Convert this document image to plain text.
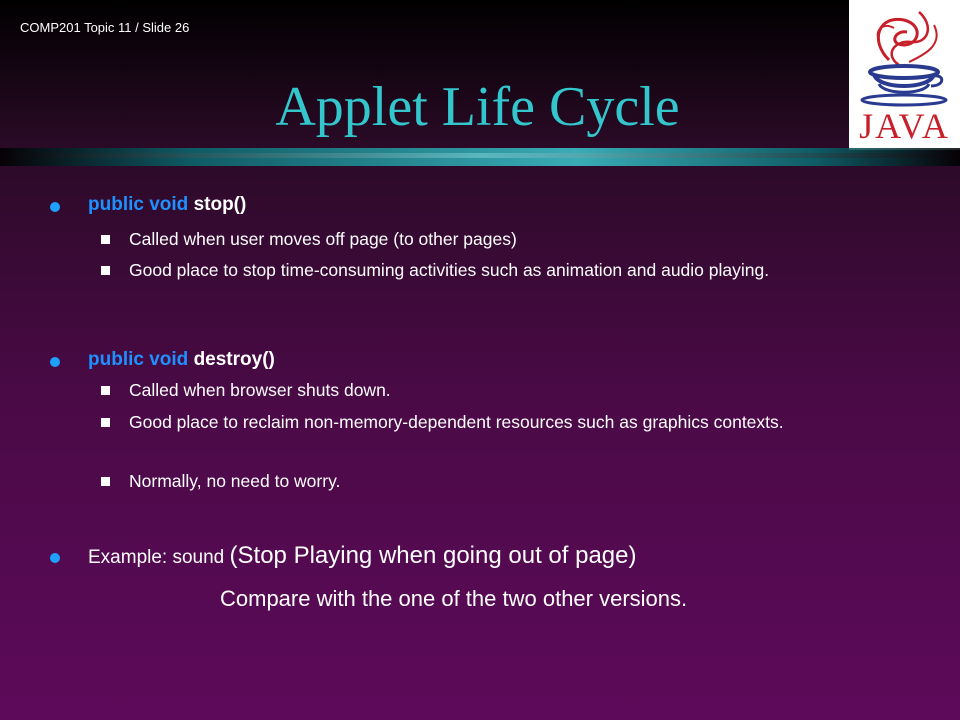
COMP201 Topic 11 / Slide 26
JAVA
Applet Life Cycle
public void stop()
Called when user moves off page (to other pages)
Good place to stop time-consuming activities such as animation and audio playing.
public void destroy()
Called when browser shuts down.
Good place to reclaim non-memory-dependent resources such as graphics contexts.
Normally, no need to worry.
Example: sound (Stop Playing when going out of page)
Compare with the one of the two other versions.
